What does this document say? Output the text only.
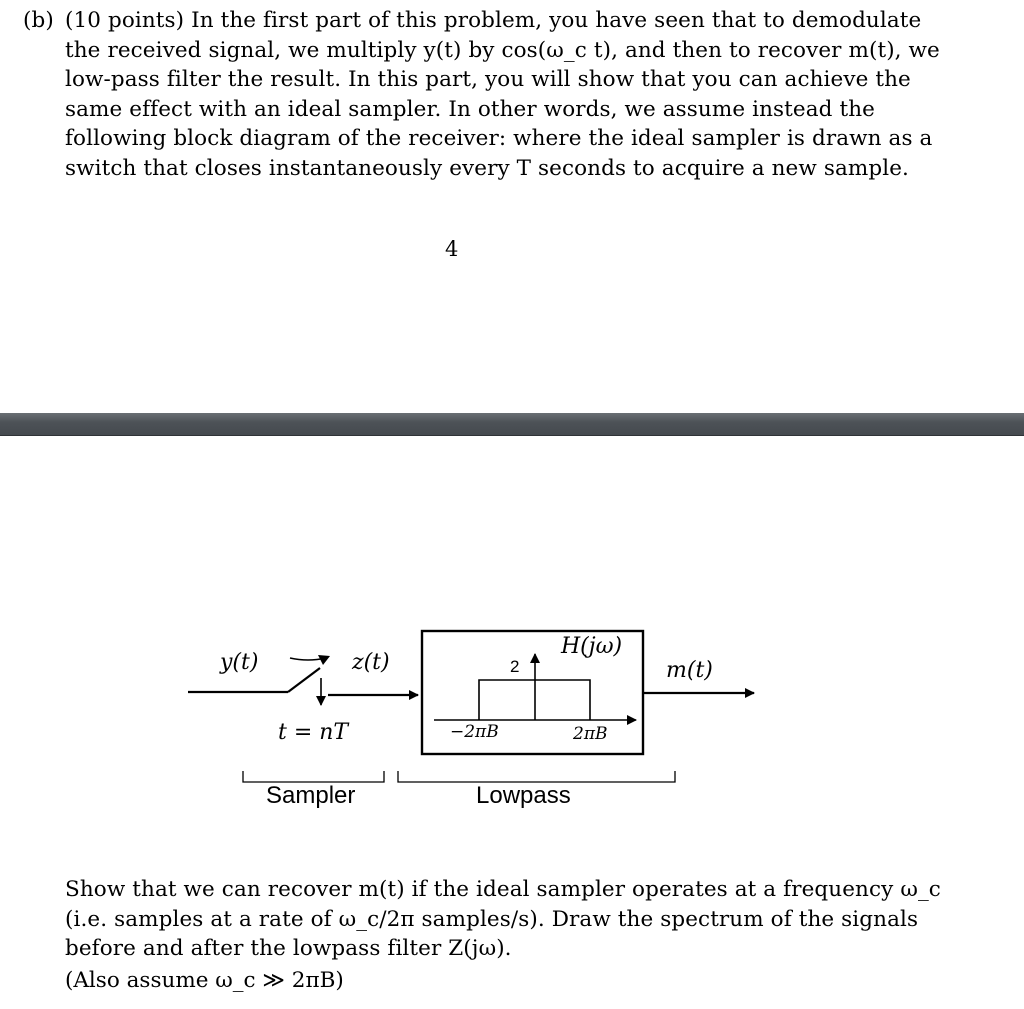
(b) (10 points) In the first part of this problem, you have seen that to demodulate the received signal, we multiply y(t) by cos(ω_c t), and then to recover m(t), we low-pass filter the result. In this part, you will show that you can achieve the same effect with an ideal sampler. In other words, we assume instead the following block diagram of the receiver: where the ideal sampler is drawn as a switch that closes instantaneously every T seconds to acquire a new sample.
4
y(t)	z(t)
t = nT
H(jω)
2
−2πB	2πB
m(t)
Sampler	Lowpass
Show that we can recover m(t) if the ideal sampler operates at a frequency ω_c (i.e. samples at a rate of ω_c/2π samples/s). Draw the spectrum of the signals before and after the lowpass filter Z(jω).
(Also assume ω_c ≫ 2πB)
